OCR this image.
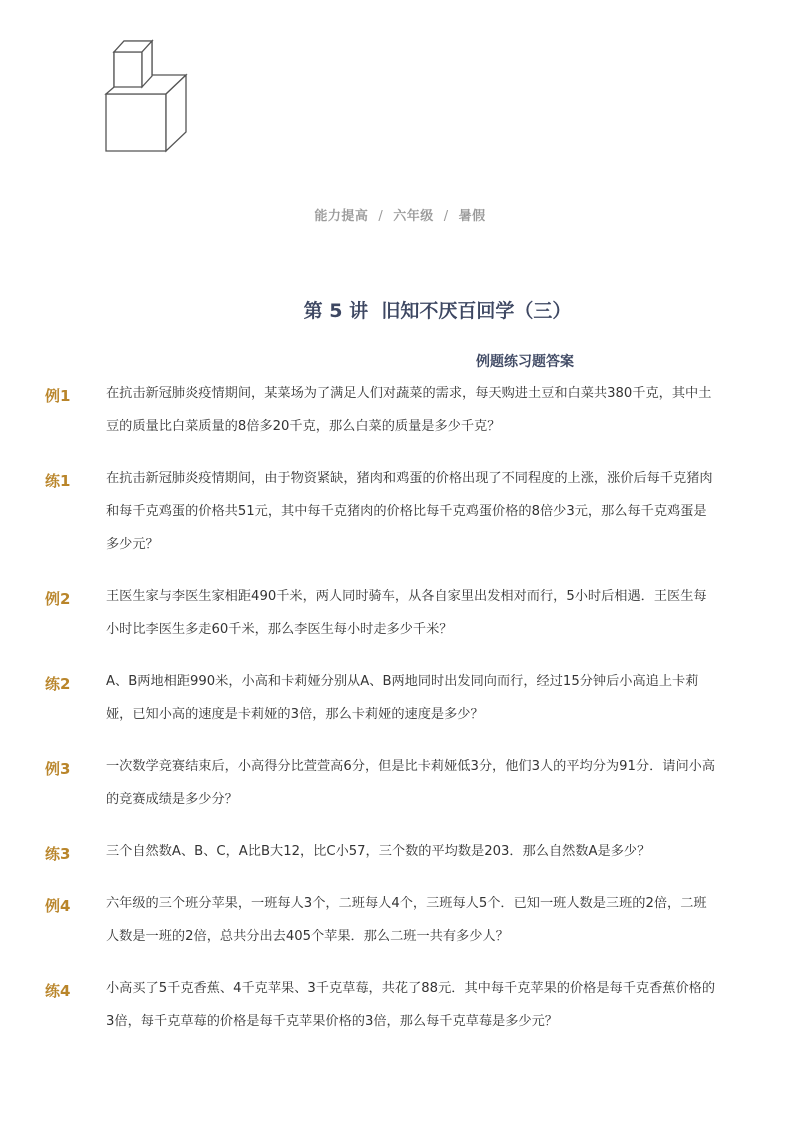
能力提高 / 六年级 / 暑假
第 5 讲  旧知不厌百回学（三）
例题练习题答案
例1	在抗击新冠肺炎疫情期间，某菜场为了满足人们对蔬菜的需求，每天购进土豆和白菜共380千克，其中土豆的质量比白菜质量的8倍多20千克，那么白菜的质量是多少千克？
练1	在抗击新冠肺炎疫情期间，由于物资紧缺，猪肉和鸡蛋的价格出现了不同程度的上涨，涨价后每千克猪肉和每千克鸡蛋的价格共51元，其中每千克猪肉的价格比每千克鸡蛋价格的8倍少3元，那么每千克鸡蛋是多少元？
例2	王医生家与李医生家相距490千米，两人同时骑车，从各自家里出发相对而行，5小时后相遇．王医生每小时比李医生多走60千米，那么李医生每小时走多少千米？
练2	A、B两地相距990米，小高和卡莉娅分别从A、B两地同时出发同向而行，经过15分钟后小高追上卡莉娅，已知小高的速度是卡莉娅的3倍，那么卡莉娅的速度是多少？
例3	一次数学竞赛结束后，小高得分比萱萱高6分，但是比卡莉娅低3分，他们3人的平均分为91分．请问小高的竞赛成绩是多少分？
练3	三个自然数A、B、C，A比B大12，比C小57，三个数的平均数是203．那么自然数A是多少？
例4	六年级的三个班分苹果，一班每人3个，二班每人4个，三班每人5个．已知一班人数是三班的2倍，二班人数是一班的2倍，总共分出去405个苹果．那么二班一共有多少人？
练4	小高买了5千克香蕉、4千克苹果、3千克草莓，共花了88元．其中每千克苹果的价格是每千克香蕉价格的3倍，每千克草莓的价格是每千克苹果价格的3倍，那么每千克草莓是多少元？
